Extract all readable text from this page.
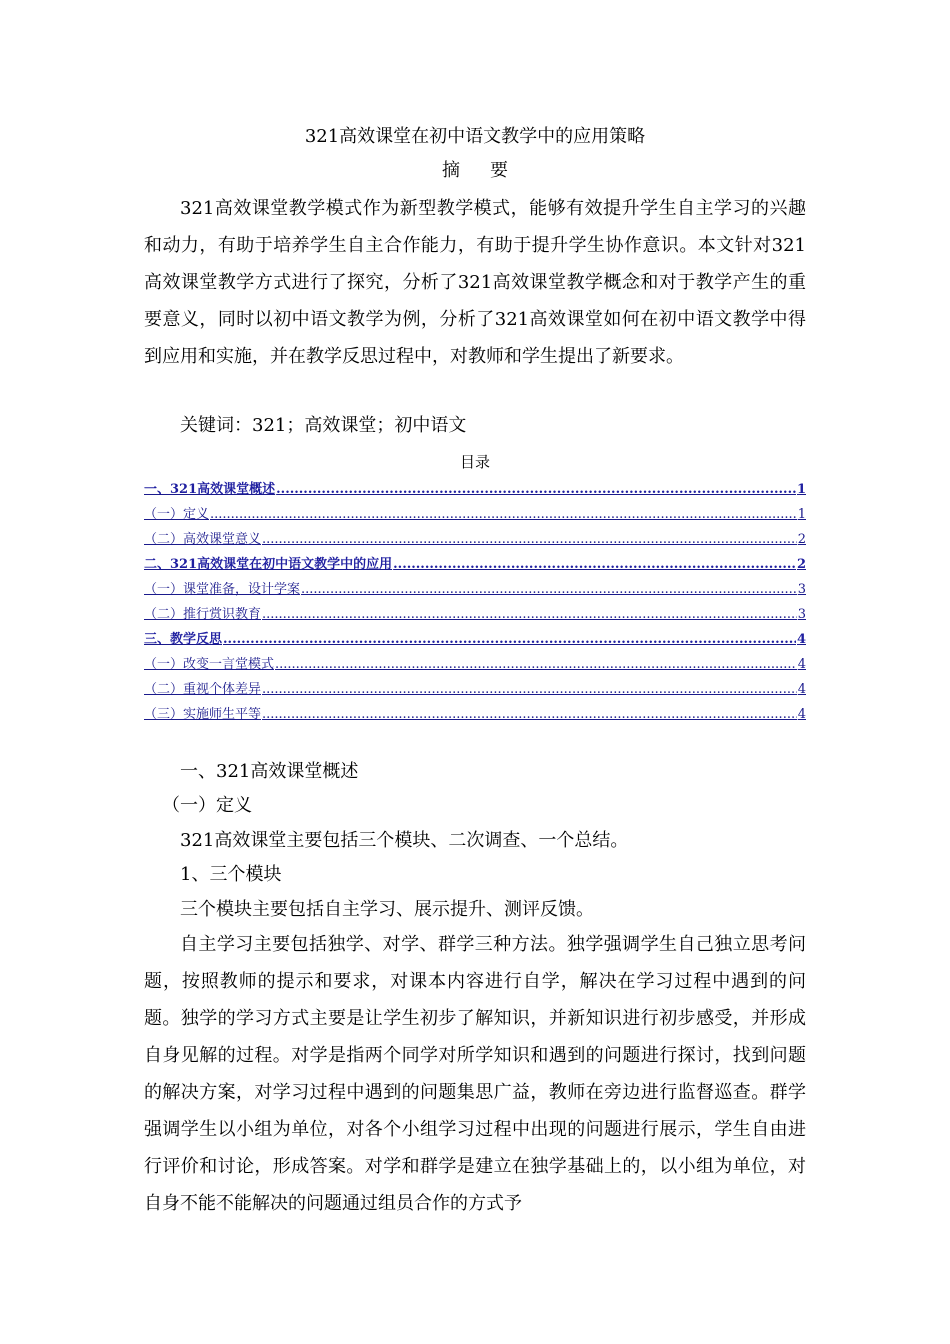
321高效课堂在初中语文教学中的应用策略
摘要

321高效课堂教学模式作为新型教学模式，能够有效提升学生自主学习的兴趣和动力，有助于培养学生自主合作能力，有助于提升学生协作意识。本文针对321高效课堂教学方式进行了探究，分析了321高效课堂教学概念和对于教学产生的重要意义，同时以初中语文教学为例，分析了321高效课堂如何在初中语文教学中得到应用和实施，并在教学反思过程中，对教师和学生提出了新要求。

关键词：321；高效课堂；初中语文
目录
一、321高效课堂概述 .....	1
（一）定义 .....	1
（二）高效课堂意义 .....	2
二、321高效课堂在初中语文教学中的应用 .....	2
（一）课堂准备，设计学案 .....	3
（二）推行赏识教育 .....	3
三、教学反思 .....	4
（一）改变一言堂模式 .....	4
（二）重视个体差异 .....	4
（三）实施师生平等 .....	4
一、321高效课堂概述
（一）定义
321高效课堂主要包括三个模块、二次调查、一个总结。
1、三个模块
三个模块主要包括自主学习、展示提升、测评反馈。

自主学习主要包括独学、对学、群学三种方法。独学强调学生自己独立思考问题，按照教师的提示和要求，对课本内容进行自学，解决在学习过程中遇到的问题。独学的学习方式主要是让学生初步了解知识，并新知识进行初步感受，并形成自身见解的过程。对学是指两个同学对所学知识和遇到的问题进行探讨，找到问题的解决方案，对学习过程中遇到的问题集思广益，教师在旁边进行监督巡查。群学强调学生以小组为单位，对各个小组学习过程中出现的问题进行展示，学生自由进行评价和讨论，形成答案。对学和群学是建立在独学基础上的，以小组为单位，对自身不能不能解决的问题通过组员合作的方式予
